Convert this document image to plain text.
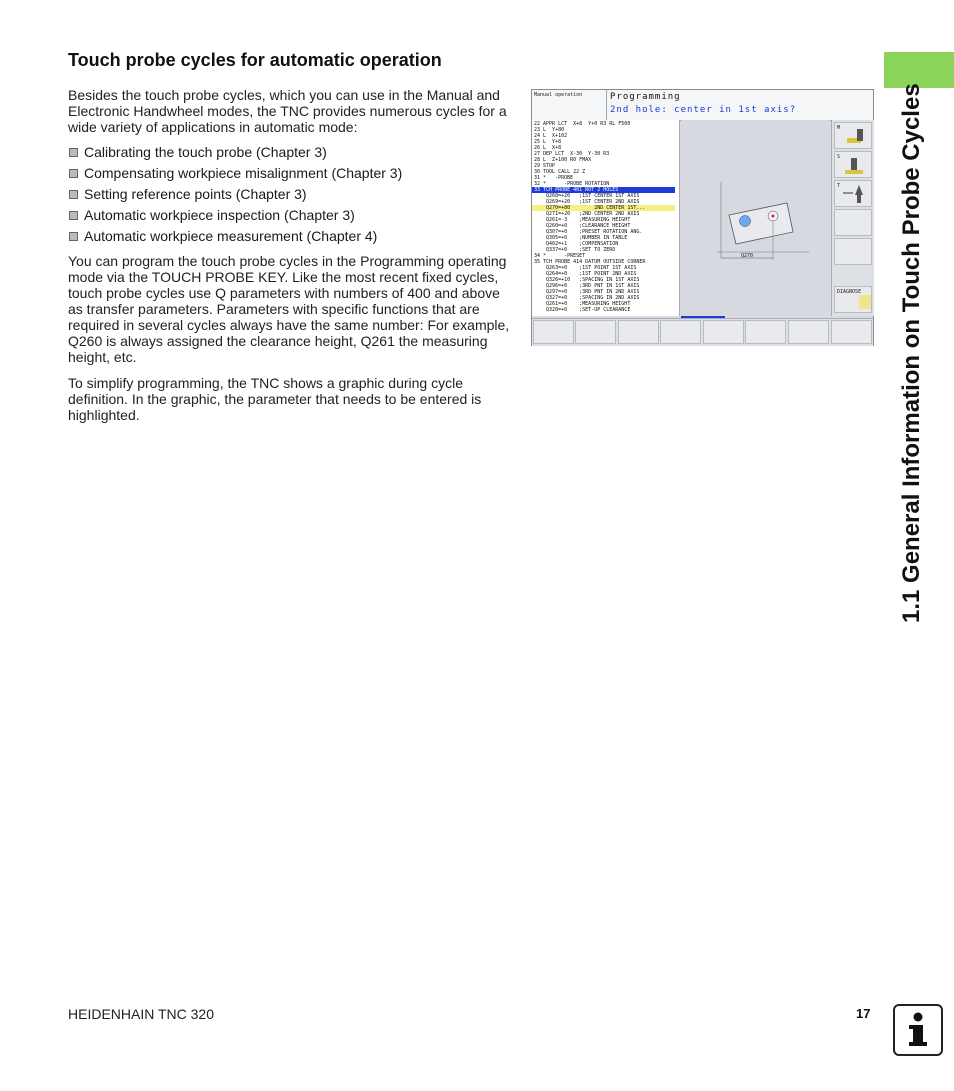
Touch probe cycles for automatic operation
Besides the touch probe cycles, which you can use in the Manual and Electronic Handwheel modes, the TNC provides numerous cycles for a wide variety of applications in automatic mode:
Calibrating the touch probe (Chapter 3)
Compensating workpiece misalignment (Chapter 3)
Setting reference points (Chapter 3)
Automatic workpiece inspection (Chapter 3)
Automatic workpiece measurement (Chapter 4)
You can program the touch probe cycles in the Programming operating mode via the TOUCH PROBE KEY. Like the most recent fixed cycles, touch probe cycles use Q parameters with numbers of 400 and above as transfer parameters. Parameters with specific functions that are required in several cycles always have the same number: For example, Q260 is always assigned the clearance height, Q261 the measuring height, etc.
To simplify programming, the TNC shows a graphic during cycle definition. In the graphic, the parameter that needs to be entered is highlighted.
Manual operation	Programming
2nd hole: center in 1st axis?
22 APPR LCT  X+8  Y+0 R3 RL F500
23 L  Y+80
24 L  X+102
25 L  Y+8
26 L  X+8
27 DEP LCT  X-30  Y-30 R3
28 L  Z+100 R0 FMAX
29 STOP
30 TOOL CALL 22 Z
31 *   -PROBE
32 *      -PROBE ROTATION
33 TCH PROBE 401 ROT 2 HOLES
Q268=+20   ;1ST CENTER 1ST AXIS
Q269=+20   ;1ST CENTER 2ND AXIS
Q270=+80        2ND CENTER 1ST...
Q271=+20   ;2ND CENTER 2ND AXIS
Q261=-3    ;MEASURING HEIGHT
Q260=+0    ;CLEARANCE HEIGHT
Q307=+0    ;PRESET ROTATION ANG.
Q305=+0    ;NUMBER IN TABLE
Q402=+1    ;COMPENSATION
Q337=+0    ;SET TO ZERO
34 *      -PRESET
35 TCH PROBE 414 DATUM OUTSIDE CORNER
Q263=+0    ;1ST POINT 1ST AXIS
Q264=+0    ;1ST POINT 2ND AXIS
Q326=+10   ;SPACING IN 1ST AXIS
Q296=+0    ;3RD PNT IN 1ST AXIS
Q297=+0    ;3RD PNT IN 2ND AXIS
Q327=+0    ;SPACING IN 2ND AXIS
Q261=+0    ;MEASURING HEIGHT
Q320=+0    ;SET-UP CLEARANCE
Q270
M
S
T
DIAGNOSE 1.1 General Information on Touch Probe Cycles
HEIDENHAIN TNC 320	17
